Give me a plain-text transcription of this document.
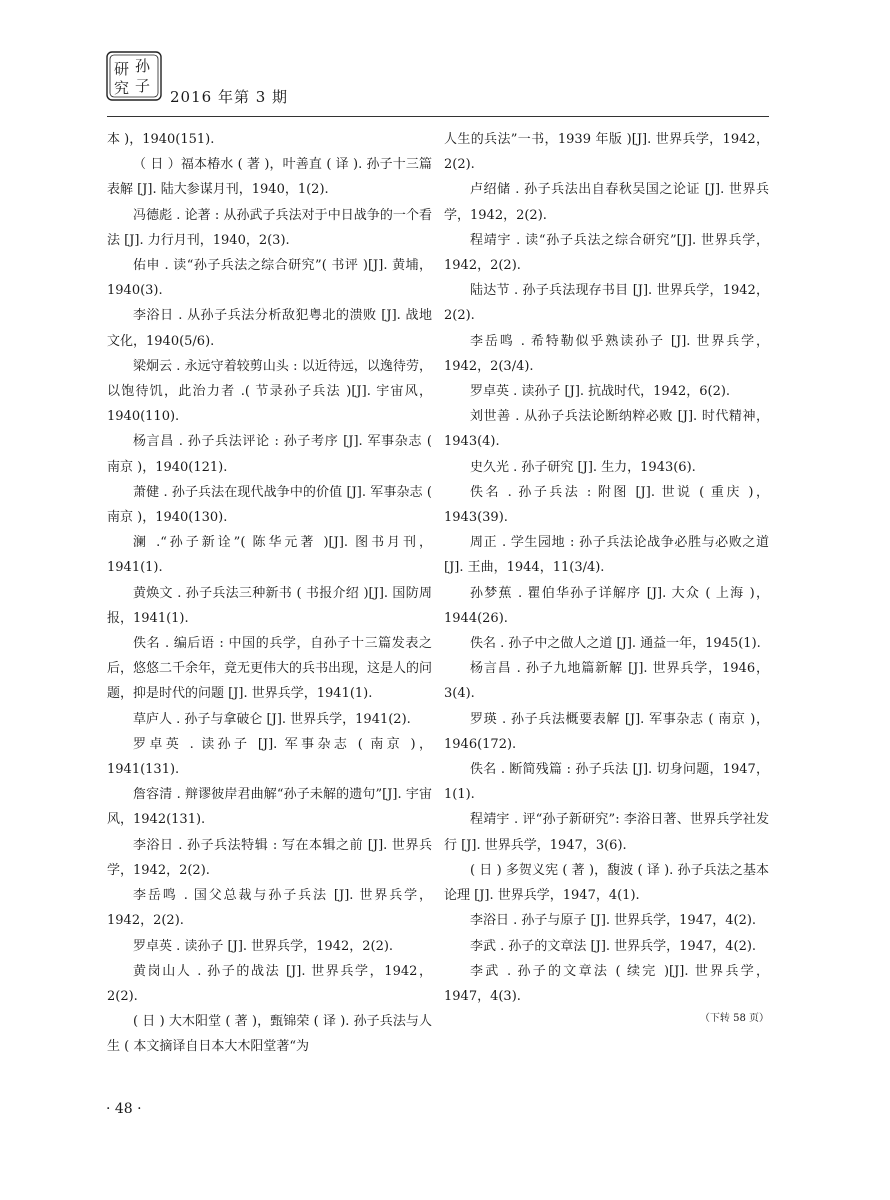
研 孙
究 子
2016 年第 3 期

本 )，1940(151).

（ 日 ）福本椿水 ( 著 )，叶善直 ( 译 ). 孙子十三篇表解 [J]. 陆大参谋月刊，1940，1(2).

冯德彪 . 论著 : 从孙武子兵法对于中日战争的一个看法 [J]. 力行月刊，1940，2(3).

佑申 . 读“孙子兵法之综合研究”( 书评 )[J]. 黄埔，1940(3).

李浴日 . 从孙子兵法分析敌犯粤北的溃败 [J]. 战地文化，1940(5/6).

梁炯云 . 永远守着较剪山头 : 以近待远，以逸待劳，以饱待饥，此治力者 .( 节录孙子兵法 )[J]. 宇宙风，1940(110).

杨言昌 . 孙子兵法评论 : 孙子考序 [J]. 军事杂志 ( 南京 )，1940(121).

萧健 . 孙子兵法在现代战争中的价值 [J]. 军事杂志 ( 南京 )，1940(130).

澜 .“孙子新诠”( 陈华元著 )[J]. 图书月刊，1941(1).

黄焕文 . 孙子兵法三种新书 ( 书报介绍 )[J]. 国防周报，1941(1).

佚名 . 编后语 : 中国的兵学，自孙子十三篇发表之后，悠悠二千余年，竟无更伟大的兵书出现，这是人的问题，抑是时代的问题 [J]. 世界兵学，1941(1).

草庐人 . 孙子与拿破仑 [J]. 世界兵学，1941(2).

罗卓英 . 读孙子 [J]. 军事杂志 ( 南京 )，1941(131).

詹容清 . 辩谬彼岸君曲解“孙子未解的遗句”[J]. 宇宙风，1942(131).

李浴日 . 孙子兵法特辑 : 写在本辑之前 [J]. 世界兵学，1942，2(2).

李岳鸣 . 国父总裁与孙子兵法 [J]. 世界兵学，1942，2(2).

罗卓英 . 读孙子 [J]. 世界兵学，1942，2(2).

黄岗山人 . 孙子的战法 [J]. 世界兵学，1942，2(2).

( 日 ) 大木阳堂 ( 著 )，甄锦荣 ( 译 ). 孙子兵法与人生 ( 本文摘译自日本大木阳堂著“为

人生的兵法”一书，1939 年版 )[J]. 世界兵学，1942，2(2).

卢绍储 . 孙子兵法出自春秋吴国之论证 [J]. 世界兵学，1942，2(2).

程靖宇 . 读“孙子兵法之综合研究”[J]. 世界兵学，1942，2(2).

陆达节 . 孙子兵法现存书目 [J]. 世界兵学，1942，2(2).

李岳鸣 . 希特勒似乎熟读孙子 [J]. 世界兵学，1942，2(3/4).

罗卓英 . 读孙子 [J]. 抗战时代，1942，6(2).

刘世善 . 从孙子兵法论断纳粹必败 [J]. 时代精神，1943(4).

史久光 . 孙子研究 [J]. 生力，1943(6).

佚名 . 孙子兵法 : 附图 [J]. 世说 ( 重庆 )，1943(39).

周正 . 学生园地 : 孙子兵法论战争必胜与必败之道 [J]. 王曲，1944，11(3/4).

孙梦蕉 . 瞿伯华孙子详解序 [J]. 大众 ( 上海 )，1944(26).

佚名 . 孙子中之做人之道 [J]. 通益一年，1945(1).

杨言昌 . 孙子九地篇新解 [J]. 世界兵学，1946，3(4).

罗瑛 . 孙子兵法概要表解 [J]. 军事杂志 ( 南京 )，1946(172).

佚名 . 断简残篇 : 孙子兵法 [J]. 切身问题，1947，1(1).

程靖宇 . 评“孙子新研究”: 李浴日著、世界兵学社发行 [J]. 世界兵学，1947，3(6).

( 日 ) 多贺义宪 ( 著 )，馥波 ( 译 ). 孙子兵法之基本论理 [J]. 世界兵学，1947，4(1).

李浴日 . 孙子与原子 [J]. 世界兵学，1947，4(2).

李武 . 孙子的文章法 [J]. 世界兵学，1947，4(2).

李武 . 孙子的文章法 ( 续完 )[J]. 世界兵学，1947，4(3).

（下转 58 页）

· 48 ·
